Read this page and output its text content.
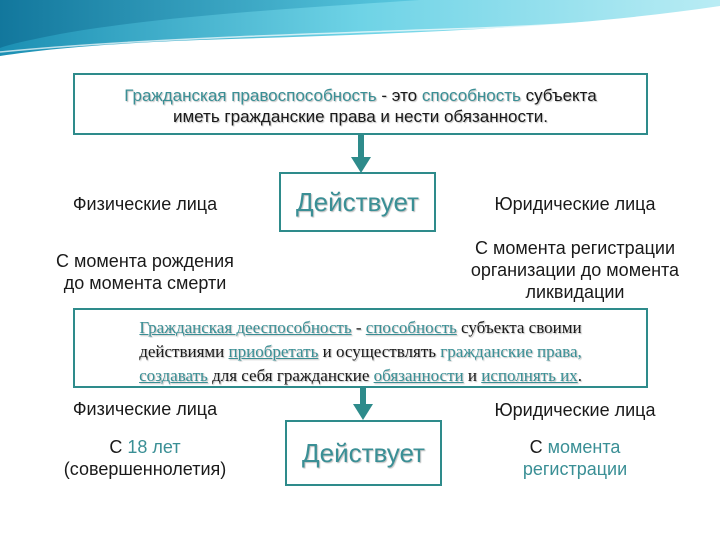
Гражданская правоспособность - это способность субъекта
иметь гражданские права и нести обязанности.
Физические лица	Действует	Юридические лица
С момента рождения
до момента смерти
С момента регистрации
организации до момента
ликвидации
Гражданская дееспособность - способность субъекта своими
действиями приобретать и осуществлять гражданские права,
создавать для себя гражданские обязанности и исполнять их.
Физические лица	Юридические лица
С 18 лет
(совершеннолетия)
Действует	С момента
регистрации
